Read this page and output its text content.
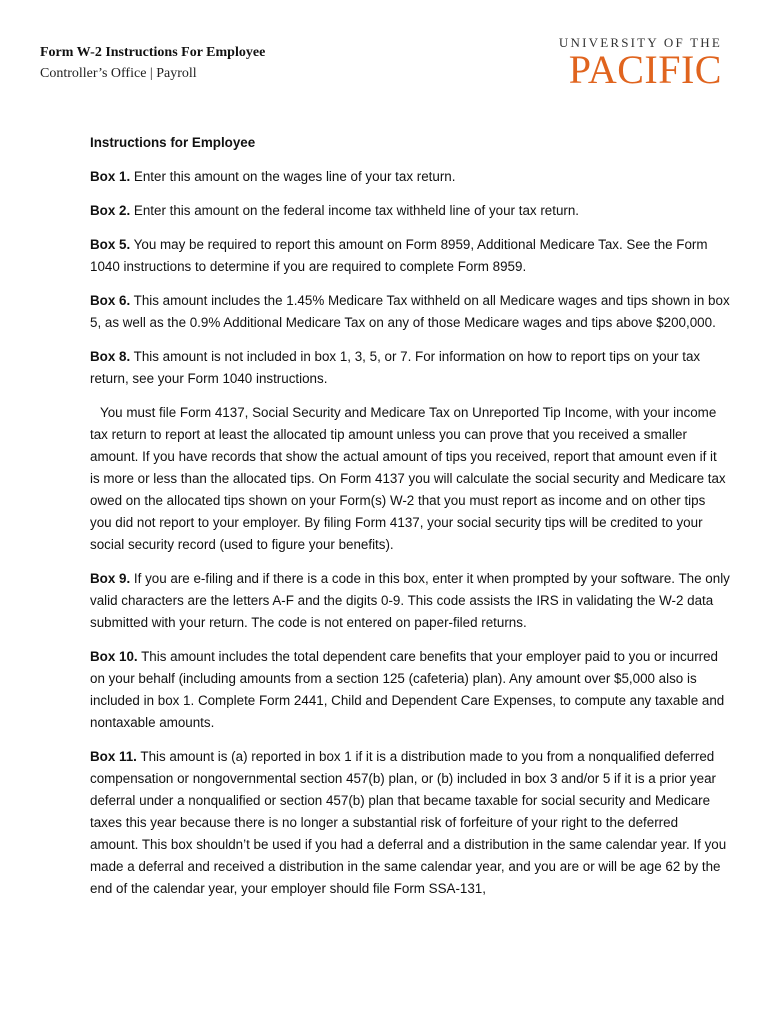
Form W-2 Instructions For Employee
Controller’s Office | Payroll
UNIVERSITY OF THE
PACIFIC

Instructions for Employee

Box 1. Enter this amount on the wages line of your tax return.

Box 2. Enter this amount on the federal income tax withheld line of your tax return.

Box 5. You may be required to report this amount on Form 8959, Additional Medicare Tax. See the Form 1040 instructions to determine if you are required to complete Form 8959.

Box 6. This amount includes the 1.45% Medicare Tax withheld on all Medicare wages and tips shown in box 5, as well as the 0.9% Additional Medicare Tax on any of those Medicare wages and tips above $200,000.

Box 8. This amount is not included in box 1, 3, 5, or 7. For information on how to report tips on your tax return, see your Form 1040 instructions.

You must file Form 4137, Social Security and Medicare Tax on Unreported Tip Income, with your income tax return to report at least the allocated tip amount unless you can prove that you received a smaller amount. If you have records that show the actual amount of tips you received, report that amount even if it is more or less than the allocated tips. On Form 4137 you will calculate the social security and Medicare tax owed on the allocated tips shown on your Form(s) W-2 that you must report as income and on other tips you did not report to your employer. By filing Form 4137, your social security tips will be credited to your social security record (used to figure your benefits).

Box 9. If you are e-filing and if there is a code in this box, enter it when prompted by your software. The only valid characters are the letters A-F and the digits 0-9. This code assists the IRS in validating the W-2 data submitted with your return. The code is not entered on paper-filed returns.

Box 10. This amount includes the total dependent care benefits that your employer paid to you or incurred on your behalf (including amounts from a section 125 (cafeteria) plan). Any amount over $5,000 also is included in box 1. Complete Form 2441, Child and Dependent Care Expenses, to compute any taxable and nontaxable amounts.

Box 11. This amount is (a) reported in box 1 if it is a distribution made to you from a nonqualified deferred compensation or nongovernmental section 457(b) plan, or (b) included in box 3 and/or 5 if it is a prior year deferral under a nonqualified or section 457(b) plan that became taxable for social security and Medicare taxes this year because there is no longer a substantial risk of forfeiture of your right to the deferred amount. This box shouldn’t be used if you had a deferral and a distribution in the same calendar year. If you made a deferral and received a distribution in the same calendar year, and you are or will be age 62 by the end of the calendar year, your employer should file Form SSA-131,
